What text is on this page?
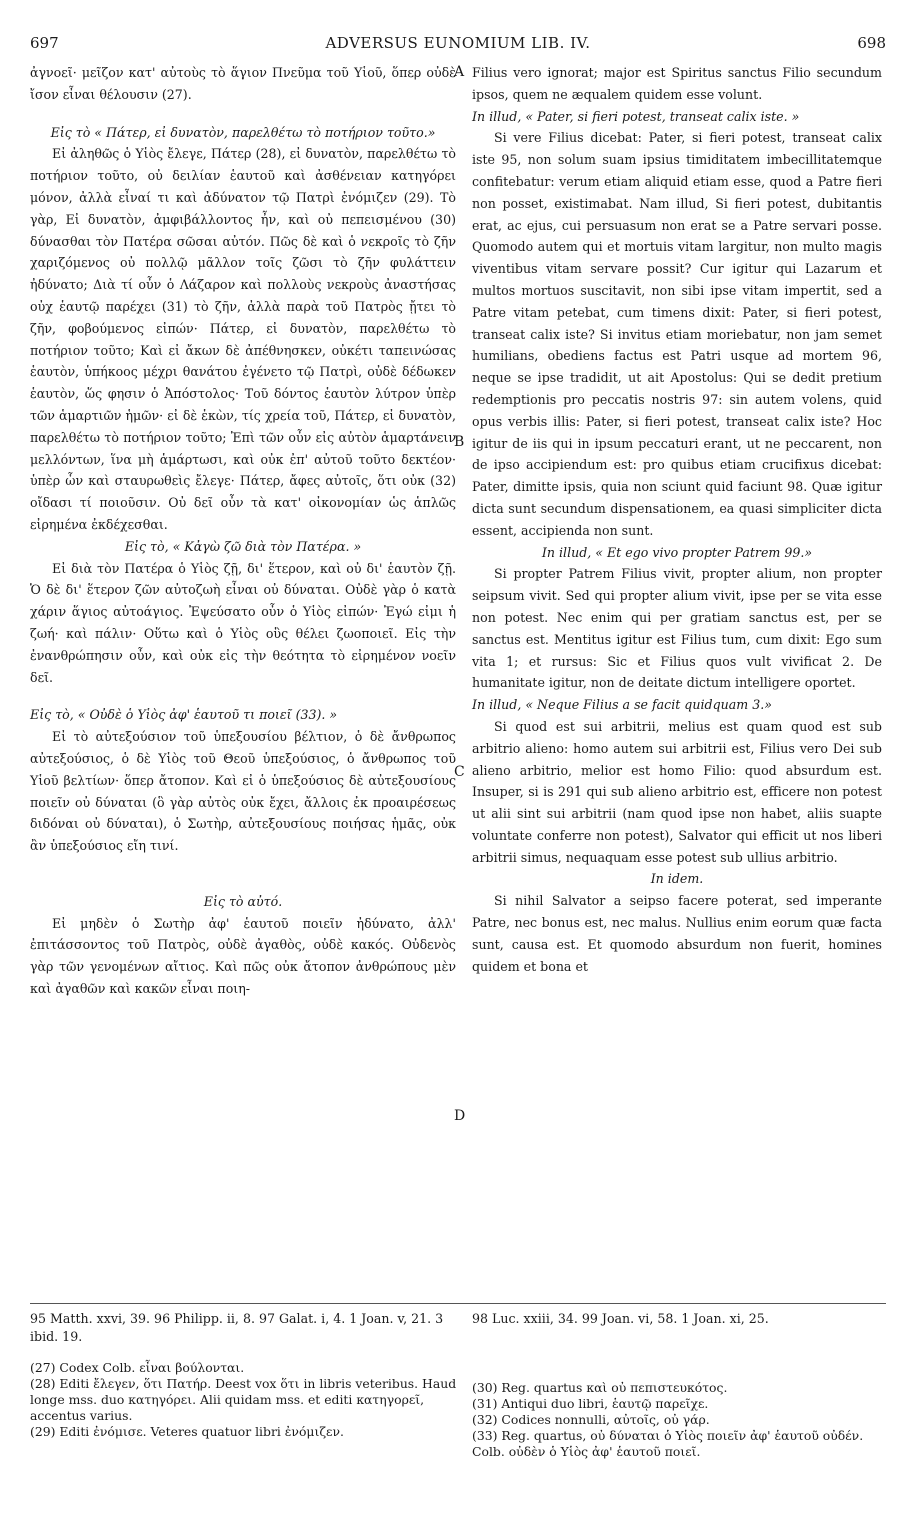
697	ADVERSUS EUNOMIUM LIB. IV.	698
A
B
C
D

ἀγνοεῖ· μεῖζον κατ' αὐτοὺς τὸ ἅγιον Πνεῦμα τοῦ Υἱοῦ, ὅπερ οὐδὲ ἴσον εἶναι θέλουσιν (27).

Εἰς τὸ « Πάτερ, εἰ δυνατὸν, παρελθέτω τὸ ποτήριον τοῦτο.»

Εἰ ἀληθῶς ὁ Υἱὸς ἔλεγε, Πάτερ (28), εἰ δυνατὸν, παρελθέτω τὸ ποτήριον τοῦτο, οὐ δειλίαν ἑαυτοῦ καὶ ἀσθένειαν κατηγόρει μόνον, ἀλλὰ εἶναί τι καὶ ἀδύνατον τῷ Πατρὶ ἐνόμιζεν (29). Τὸ γὰρ, Εἰ δυνατὸν, ἀμφιβάλλοντος ἦν, καὶ οὐ πεπεισμένου (30) δύνασθαι τὸν Πατέρα σῶσαι αὐτόν. Πῶς δὲ καὶ ὁ νεκροῖς τὸ ζῆν χαριζόμενος οὐ πολλῷ μᾶλλον τοῖς ζῶσι τὸ ζῆν φυλάττειν ἠδύνατο; Διὰ τί οὖν ὁ Λάζαρον καὶ πολλοὺς νεκροὺς ἀναστήσας οὐχ ἑαυτῷ παρέχει (31) τὸ ζῆν, ἀλλὰ παρὰ τοῦ Πατρὸς ᾔτει τὸ ζῆν, φοβούμενος εἰπών· Πάτερ, εἰ δυνατὸν, παρελθέτω τὸ ποτήριον τοῦτο; Καὶ εἰ ἄκων δὲ ἀπέθνησκεν, οὐκέτι ταπεινώσας ἑαυτὸν, ὑπήκοος μέχρι θανάτου ἐγένετο τῷ Πατρὶ, οὐδὲ δέδωκεν ἑαυτὸν, ὥς φησιν ὁ Ἀπόστολος· Τοῦ δόντος ἑαυτὸν λύτρον ὑπὲρ τῶν ἁμαρτιῶν ἡμῶν· εἰ δὲ ἑκὼν, τίς χρεία τοῦ, Πάτερ, εἰ δυνατὸν, παρελθέτω τὸ ποτήριον τοῦτο; Ἐπὶ τῶν οὖν εἰς αὐτὸν ἁμαρτάνειν μελλόντων, ἵνα μὴ ἁμάρτωσι, καὶ οὐκ ἐπ' αὐτοῦ τοῦτο δεκτέον· ὑπὲρ ὧν καὶ σταυρωθεὶς ἔλεγε· Πάτερ, ἄφες αὐτοῖς, ὅτι οὐκ (32) οἴδασι τί ποιοῦσιν. Οὐ δεῖ οὖν τὰ κατ' οἰκονομίαν ὡς ἁπλῶς εἰρημένα ἐκδέχεσθαι.

Εἰς τὸ, « Κἀγὼ ζῶ διὰ τὸν Πατέρα. »

Εἰ διὰ τὸν Πατέρα ὁ Υἱὸς ζῇ, δι' ἕτερον, καὶ οὐ δι' ἑαυτὸν ζῇ. Ὁ δὲ δι' ἕτερον ζῶν αὐτοζωὴ εἶναι οὐ δύναται. Οὐδὲ γὰρ ὁ κατὰ χάριν ἅγιος αὐτοάγιος. Ἐψεύσατο οὖν ὁ Υἱὸς εἰπών· Ἐγώ εἰμι ἡ ζωή· καὶ πάλιν· Οὕτω καὶ ὁ Υἱὸς οὓς θέλει ζωοποιεῖ. Εἰς τὴν ἐνανθρώπησιν οὖν, καὶ οὐκ εἰς τὴν θεότητα τὸ εἰρημένον νοεῖν δεῖ.

Εἰς τὸ, « Οὐδὲ ὁ Υἱὸς ἀφ' ἑαυτοῦ τι ποιεῖ (33). »

Εἰ τὸ αὐτεξούσιον τοῦ ὑπεξουσίου βέλτιον, ὁ δὲ ἄνθρωπος αὐτεξούσιος, ὁ δὲ Υἱὸς τοῦ Θεοῦ ὑπεξούσιος, ὁ ἄνθρωπος τοῦ Υἱοῦ βελτίων· ὅπερ ἄτοπον. Καὶ εἰ ὁ ὑπεξούσιος δὲ αὐτεξουσίους ποιεῖν οὐ δύναται (ὃ γὰρ αὐτὸς οὐκ ἔχει, ἄλλοις ἐκ προαιρέσεως διδόναι οὐ δύναται), ὁ Σωτὴρ, αὐτεξουσίους ποιήσας ἡμᾶς, οὐκ ἂν ὑπεξούσιος εἴη τινί.

Εἰς τὸ αὐτό.

Εἰ μηδὲν ὁ Σωτὴρ ἀφ' ἑαυτοῦ ποιεῖν ἠδύνατο, ἀλλ' ἐπιτάσσοντος τοῦ Πατρὸς, οὐδὲ ἀγαθὸς, οὐδὲ κακός. Οὐδενὸς γὰρ τῶν γενομένων αἴτιος. Καὶ πῶς οὐκ ἄτοπον ἀνθρώπους μὲν καὶ ἀγαθῶν καὶ κακῶν εἶναι ποιη-

Filius vero ignorat; major est Spiritus sanctus Filio secundum ipsos, quem ne æqualem quidem esse volunt.

In illud, « Pater, si fieri potest, transeat calix iste. »

Si vere Filius dicebat: Pater, si fieri potest, transeat calix iste 95, non solum suam ipsius timiditatem imbecillitatemque confitebatur: verum etiam aliquid etiam esse, quod a Patre fieri non posset, existimabat. Nam illud, Si fieri potest, dubitantis erat, ac ejus, cui persuasum non erat se a Patre servari posse. Quomodo autem qui et mortuis vitam largitur, non multo magis viventibus vitam servare possit? Cur igitur qui Lazarum et multos mortuos suscitavit, non sibi ipse vitam impertit, sed a Patre vitam petebat, cum timens dixit: Pater, si fieri potest, transeat calix iste? Si invitus etiam moriebatur, non jam semet humilians, obediens factus est Patri usque ad mortem 96, neque se ipse tradidit, ut ait Apostolus: Qui se dedit pretium redemptionis pro peccatis nostris 97: sin autem volens, quid opus verbis illis: Pater, si fieri potest, transeat calix iste? Hoc igitur de iis qui in ipsum peccaturi erant, ut ne peccarent, non de ipso accipiendum est: pro quibus etiam crucifixus dicebat: Pater, dimitte ipsis, quia non sciunt quid faciunt 98. Quæ igitur dicta sunt secundum dispensationem, ea quasi simpliciter dicta essent, accipienda non sunt.

In illud, « Et ego vivo propter Patrem 99.»

Si propter Patrem Filius vivit, propter alium, non propter seipsum vivit. Sed qui propter alium vivit, ipse per se vita esse non potest. Nec enim qui per gratiam sanctus est, per se sanctus est. Mentitus igitur est Filius tum, cum dixit: Ego sum vita 1; et rursus: Sic et Filius quos vult vivificat 2. De humanitate igitur, non de deitate dictum intelligere oportet.

In illud, « Neque Filius a se facit quidquam 3.»

Si quod est sui arbitrii, melius est quam quod est sub arbitrio alieno: homo autem sui arbitrii est, Filius vero Dei sub alieno arbitrio, melior est homo Filio: quod absurdum est. Insuper, si is 291 qui sub alieno arbitrio est, efficere non potest ut alii sint sui arbitrii (nam quod ipse non habet, aliis suapte voluntate conferre non potest), Salvator qui efficit ut nos liberi arbitrii simus, nequaquam esse potest sub ullius arbitrio.

In idem.

Si nihil Salvator a seipso facere poterat, sed imperante Patre, nec bonus est, nec malus. Nullius enim eorum quæ facta sunt, causa est. Et quomodo absurdum non fuerit, homines quidem et bona et

95 Matth. xxvi, 39. 96 Philipp. ii, 8. 97 Galat. i, 4. 1 Joan. v, 21. 3 ibid. 19.
98 Luc. xxiii, 34. 99 Joan. vi, 58. 1 Joan. xi, 25.

(27) Codex Colb. εἶναι βούλονται.

(28) Editi ἔλεγεν, ὅτι Πατήρ. Deest vox ὅτι in libris veteribus. Haud longe mss. duo κατηγόρει. Alii quidam mss. et editi κατηγορεῖ, accentus varius.

(29) Editi ἐνόμισε. Veteres quatuor libri ἐνόμιζεν.

(30) Reg. quartus καὶ οὐ πεπιστευκότος.

(31) Antiqui duo libri, ἑαυτῷ παρεῖχε.

(32) Codices nonnulli, αὐτοῖς, οὐ γάρ.

(33) Reg. quartus, οὐ δύναται ὁ Υἱὸς ποιεῖν ἀφ' ἑαυτοῦ οὐδέν. Colb. οὐδὲν ὁ Υἱὸς ἀφ' ἑαυτοῦ ποιεῖ.
